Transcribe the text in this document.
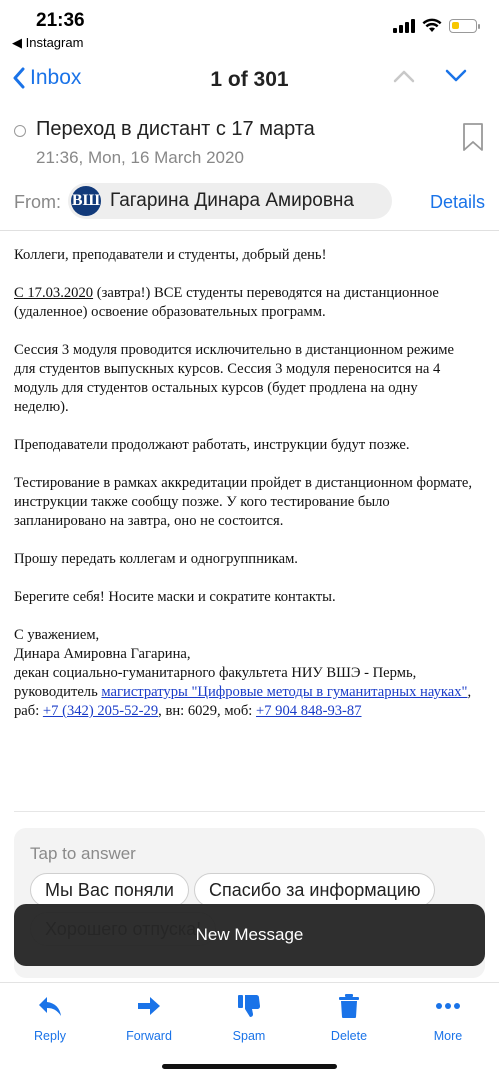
21:36
◀ Instagram
Inbox	1 of 301
Переход в дистант с 17 марта
21:36, Mon, 16 March 2020
From: ВШ Гагарина Динара Амировна	Details

Коллеги, преподаватели и студенты, добрый день!

С 17.03.2020 (завтра!) ВСЕ студенты переводятся на дистанционное (удаленное) освоение образовательных программ.

Сессия 3 модуля проводится исключительно в дистанционном режиме для студентов выпускных курсов. Сессия 3 модуля переносится на 4 модуль для студентов остальных курсов (будет продлена на одну неделю).

Преподаватели продолжают работать, инструкции будут позже.

Тестирование в рамках аккредитации пройдет в дистанционном формате, инструкции также сообщу позже. У кого тестирование было запланировано на завтра, оно не состоится.

Прошу передать коллегам и одногруппникам.

Берегите себя! Носите маски и сократите контакты.

С уважением,
Динара Амировна Гагарина,
декан социально-гуманитарного факультета НИУ ВШЭ - Пермь,
руководитель магистратуры "Цифровые методы в гуманитарных науках",
раб: +7 (342) 205-52-29, вн: 6029, моб: +7 904 848-93-87
Tap to answer
Мы Вас поняли	Спасибо за информацию
New Message
Reply	Forward	Spam	Delete	More
